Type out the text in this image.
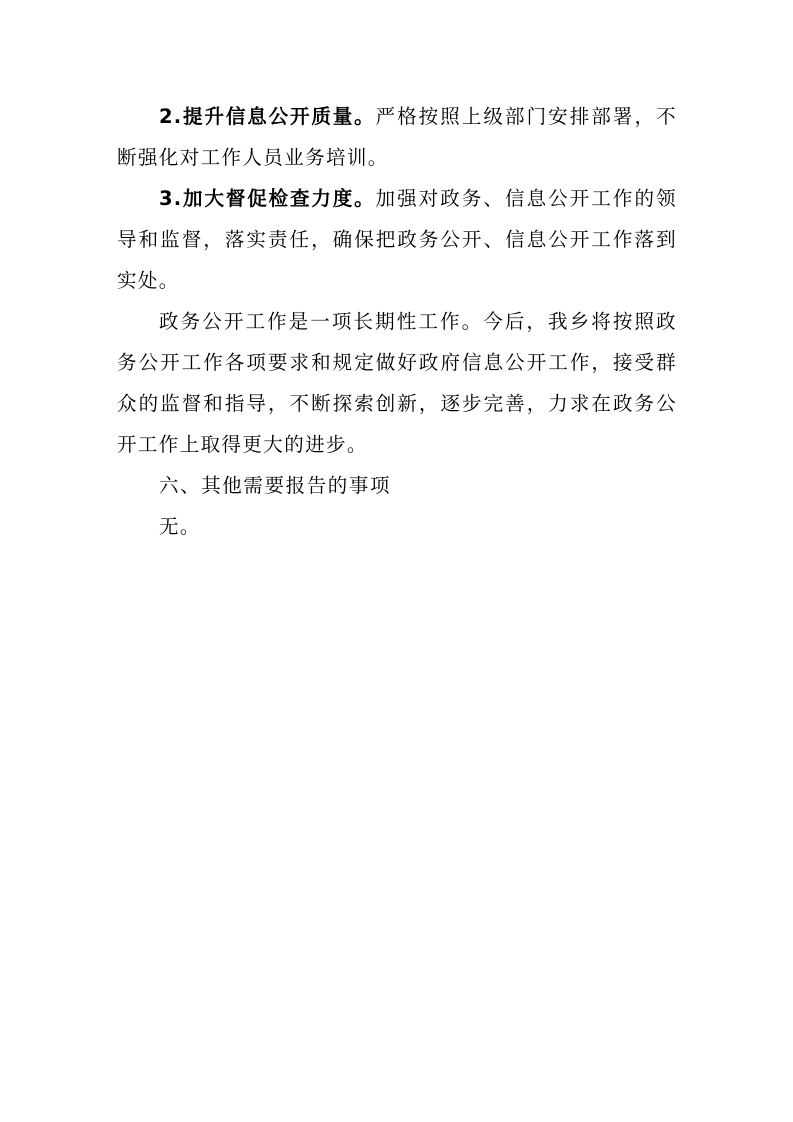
2.提升信息公开质量。严格按照上级部门安排部署，不断强化对工作人员业务培训。

3.加大督促检查力度。加强对政务、信息公开工作的领导和监督，落实责任，确保把政务公开、信息公开工作落到实处。

政务公开工作是一项长期性工作。今后，我乡将按照政务公开工作各项要求和规定做好政府信息公开工作，接受群众的监督和指导，不断探索创新，逐步完善，力求在政务公开工作上取得更大的进步。

六、其他需要报告的事项

无。
